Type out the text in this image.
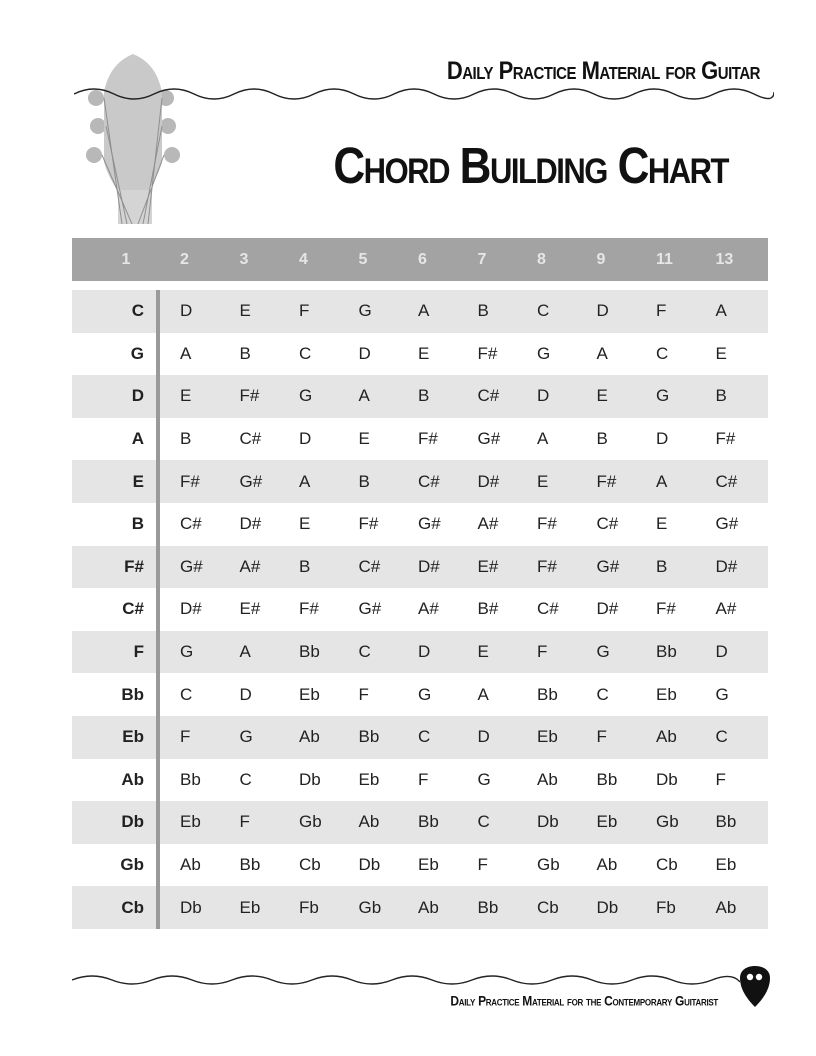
Daily Practice Material for Guitar
Chord Building Chart
1	2	3	4	5	6	7	8	9	11	13
C	D	E	F	G	A	B	C	D	F	A
G	A	B	C	D	E	F#	G	A	C	E
D	E	F#	G	A	B	C#	D	E	G	B
A	B	C#	D	E	F#	G#	A	B	D	F#
E	F#	G#	A	B	C#	D#	E	F#	A	C#
B	C#	D#	E	F#	G#	A#	F#	C#	E	G#
F#	G#	A#	B	C#	D#	E#	F#	G#	B	D#
C#	D#	E#	F#	G#	A#	B#	C#	D#	F#	A#
F	G	A	Bb	C	D	E	F	G	Bb	D
Bb	C	D	Eb	F	G	A	Bb	C	Eb	G
Eb	F	G	Ab	Bb	C	D	Eb	F	Ab	C
Ab	Bb	C	Db	Eb	F	G	Ab	Bb	Db	F
Db	Eb	F	Gb	Ab	Bb	C	Db	Eb	Gb	Bb
Gb	Ab	Bb	Cb	Db	Eb	F	Gb	Ab	Cb	Eb
Cb	Db	Eb	Fb	Gb	Ab	Bb	Cb	Db	Fb	Ab
Daily Practice Material for the Contemporary Guitarist
